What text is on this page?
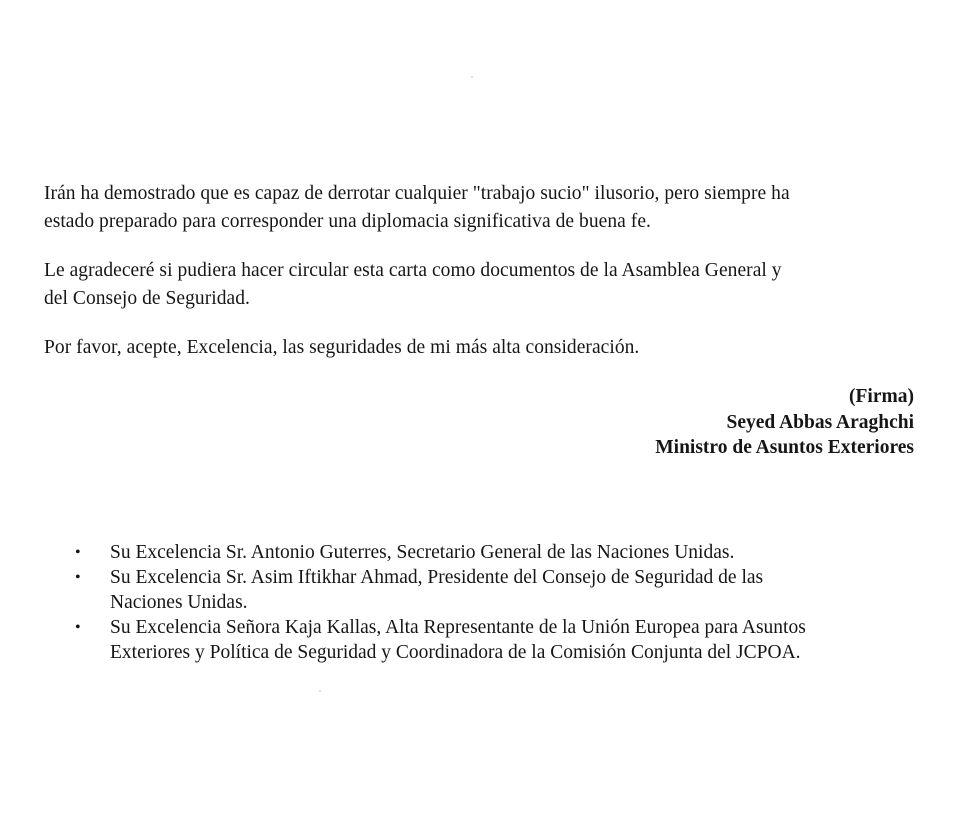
Irán ha demostrado que es capaz de derrotar cualquier "trabajo sucio" ilusorio, pero siempre ha
estado preparado para corresponder una diplomacia significativa de buena fe.

Le agradeceré si pudiera hacer circular esta carta como documentos de la Asamblea General y
del Consejo de Seguridad.

Por favor, acepte, Excelencia, las seguridades de mi más alta consideración.

(Firma)
Seyed Abbas Araghchi
Ministro de Asuntos Exteriores
• Su Excelencia Sr. Antonio Guterres, Secretario General de las Naciones Unidas.
• Su Excelencia Sr. Asim Iftikhar Ahmad, Presidente del Consejo de Seguridad de las
Naciones Unidas.
• Su Excelencia Señora Kaja Kallas, Alta Representante de la Unión Europea para Asuntos
Exteriores y Política de Seguridad y Coordinadora de la Comisión Conjunta del JCPOA.
